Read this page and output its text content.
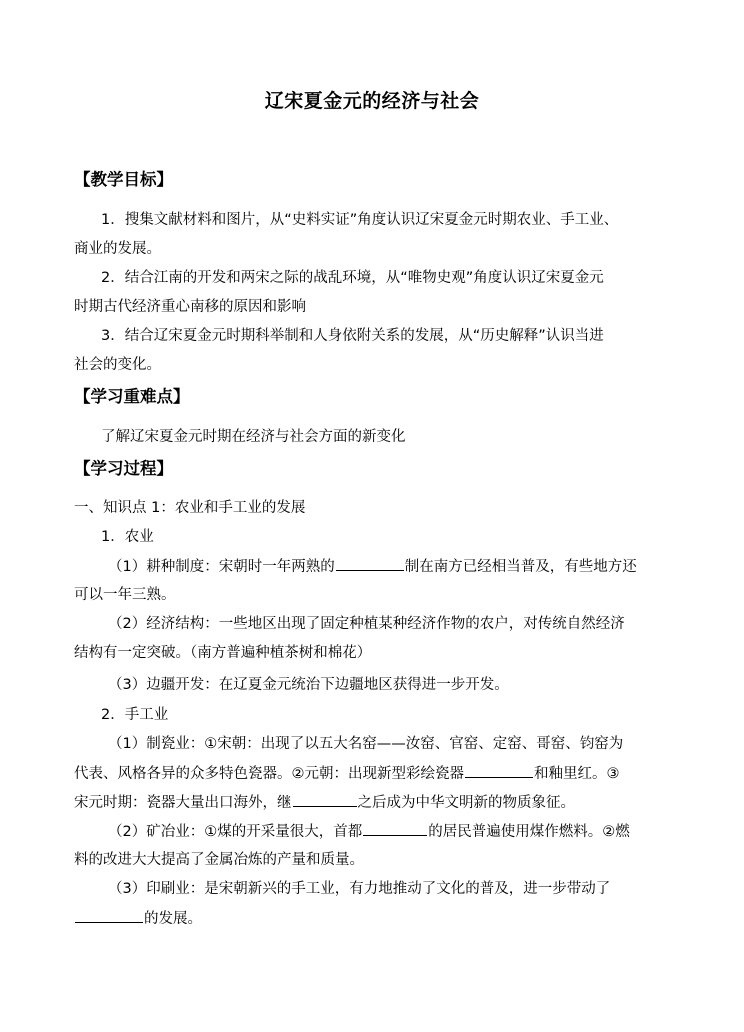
辽宋夏金元的经济与社会
【教学目标】
1．搜集文献材料和图片，从“史料实证”角度认识辽宋夏金元时期农业、手工业、
商业的发展。
2．结合江南的开发和两宋之际的战乱环境，从“唯物史观”角度认识辽宋夏金元
时期古代经济重心南移的原因和影响
3．结合辽宋夏金元时期科举制和人身依附关系的发展，从“历史解释”认识当进
社会的变化。
【学习重难点】
了解辽宋夏金元时期在经济与社会方面的新变化
【学习过程】
一、知识点 1：农业和手工业的发展
1．农业
（1）耕种制度：宋朝时一年两熟的	制在南方已经相当普及，有些地方还
可以一年三熟。
（2）经济结构：一些地区出现了固定种植某种经济作物的农户，对传统自然经济
结构有一定突破。（南方普遍种植茶树和棉花）
（3）边疆开发：在辽夏金元统治下边疆地区获得进一步开发。
2．手工业
（1）制瓷业：①宋朝：出现了以五大名窑——汝窑、官窑、定窑、哥窑、钧窑为
代表、风格各异的众多特色瓷器。②元朝：出现新型彩绘瓷器	和釉里红。③
宋元时期：瓷器大量出口海外，继	之后成为中华文明新的物质象征。
（2）矿冶业：①煤的开采量很大，首都	的居民普遍使用煤作燃料。②燃
料的改进大大提高了金属冶炼的产量和质量。
（3）印刷业：是宋朝新兴的手工业，有力地推动了文化的普及，进一步带动了
的发展。
